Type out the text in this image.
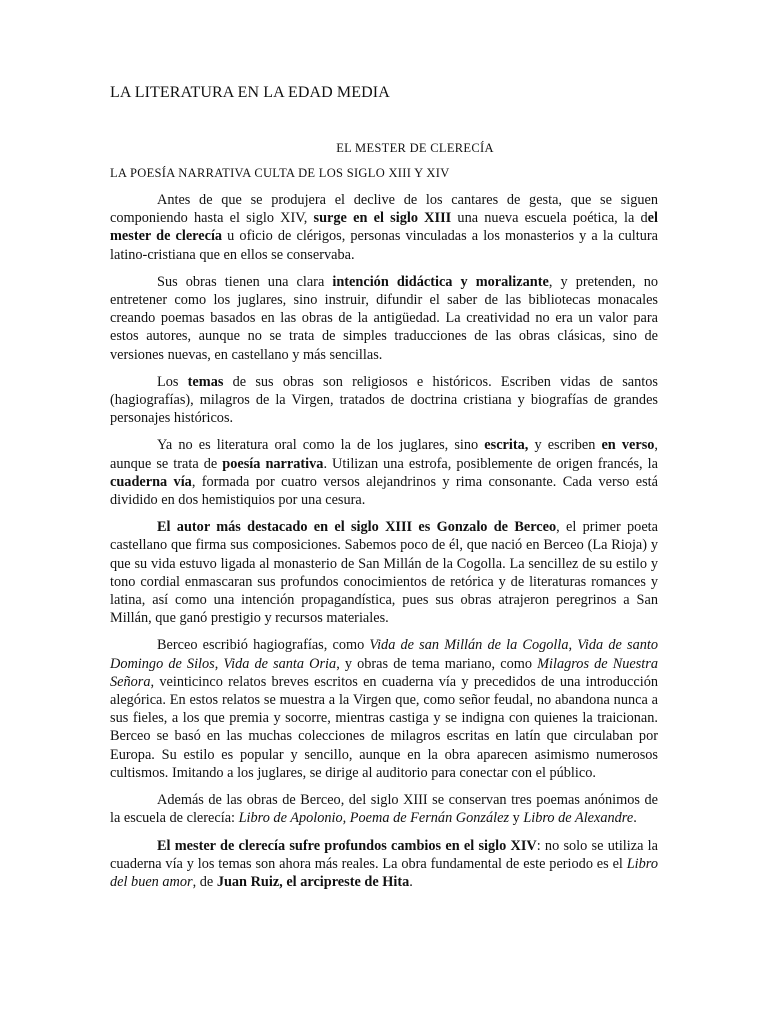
LA LITERATURA EN LA EDAD MEDIA
EL MESTER DE CLERECÍA
LA POESÍA NARRATIVA CULTA DE LOS SIGLO XIII Y XIV

Antes de que se produjera el declive de los cantares de gesta, que se siguen componiendo hasta el siglo XIV, surge en el siglo XIII una nueva escuela poética, la del mester de clerecía u oficio de clérigos, personas vinculadas a los monasterios y a la cultura latino-cristiana que en ellos se conservaba.

Sus obras tienen una clara intención didáctica y moralizante, y pretenden, no entretener como los juglares, sino instruir, difundir el saber de las bibliotecas monacales creando poemas basados en las obras de la antigüedad. La creatividad no era un valor para estos autores, aunque no se trata de simples traducciones de las obras clásicas, sino de versiones nuevas, en castellano y más sencillas.

Los temas de sus obras son religiosos e históricos. Escriben vidas de santos (hagiografías), milagros de la Virgen, tratados de doctrina cristiana y biografías de grandes personajes históricos.

Ya no es literatura oral como la de los juglares, sino escrita, y escriben en verso, aunque se trata de poesía narrativa. Utilizan una estrofa, posiblemente de origen francés, la cuaderna vía, formada por cuatro versos alejandrinos y rima consonante. Cada verso está dividido en dos hemistiquios por una cesura.

El autor más destacado en el siglo XIII es Gonzalo de Berceo, el primer poeta castellano que firma sus composiciones. Sabemos poco de él, que nació en Berceo (La Rioja) y que su vida estuvo ligada al monasterio de San Millán de la Cogolla. La sencillez de su estilo y tono cordial enmascaran sus profundos conocimientos de retórica y de literaturas romances y latina, así como una intención propagandística, pues sus obras atrajeron peregrinos a San Millán, que ganó prestigio y recursos materiales.

Berceo escribió hagiografías, como Vida de san Millán de la Cogolla, Vida de santo Domingo de Silos, Vida de santa Oria, y obras de tema mariano, como Milagros de Nuestra Señora, veinticinco relatos breves escritos en cuaderna vía y precedidos de una introducción alegórica. En estos relatos se muestra a la Virgen que, como señor feudal, no abandona nunca a sus fieles, a los que premia y socorre, mientras castiga y se indigna con quienes la traicionan. Berceo se basó en las muchas colecciones de milagros escritas en latín que circulaban por Europa. Su estilo es popular y sencillo, aunque en la obra aparecen asimismo numerosos cultismos. Imitando a los juglares, se dirige al auditorio para conectar con el público.

Además de las obras de Berceo, del siglo XIII se conservan tres poemas anónimos de la escuela de clerecía: Libro de Apolonio, Poema de Fernán González y Libro de Alexandre.

El mester de clerecía sufre profundos cambios en el siglo XIV: no solo se utiliza la cuaderna vía y los temas son ahora más reales. La obra fundamental de este periodo es el Libro del buen amor, de Juan Ruiz, el arcipreste de Hita.
